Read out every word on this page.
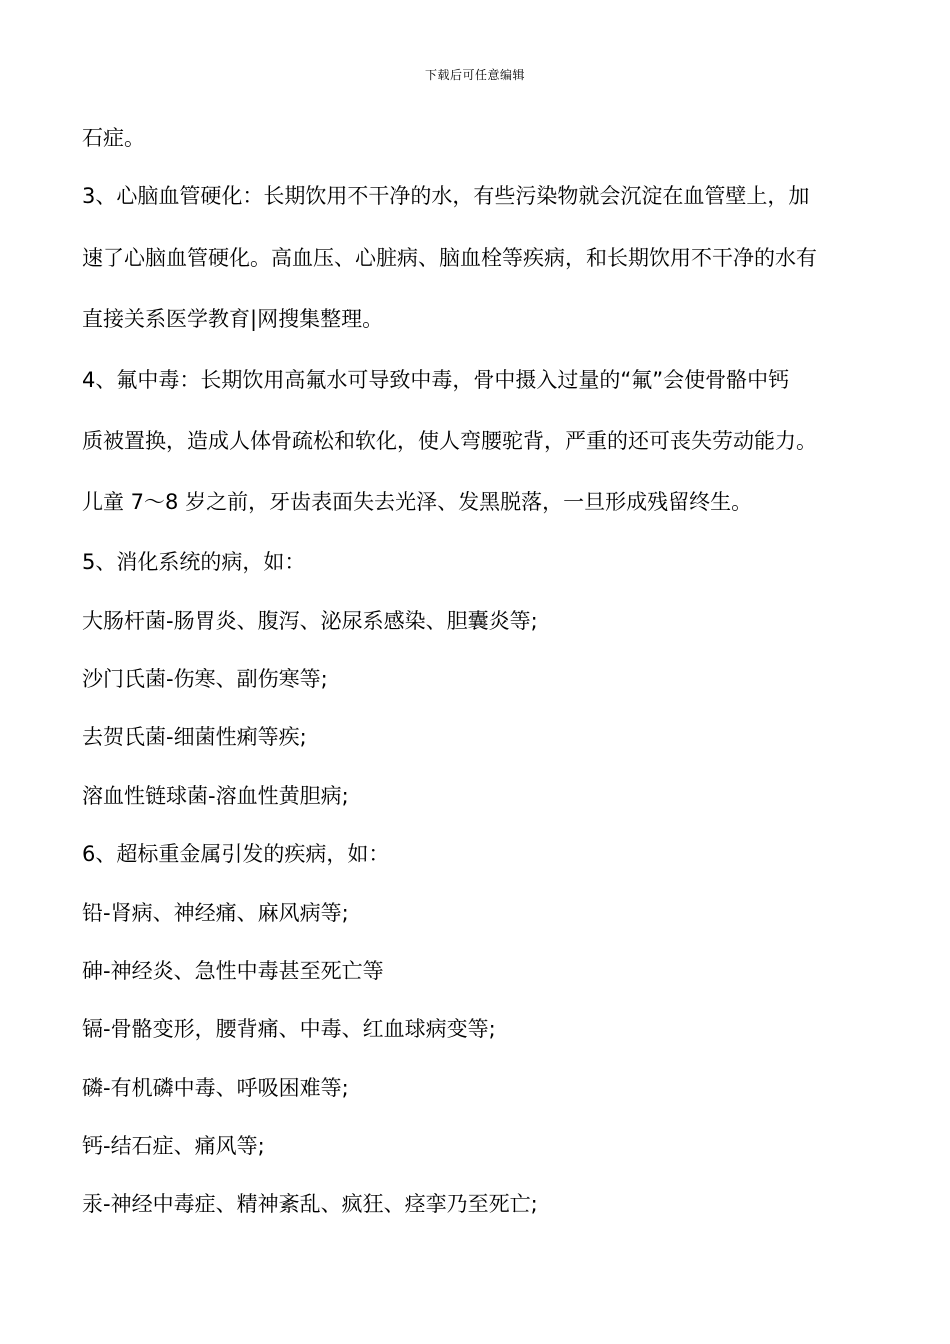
下载后可任意编辑
石症。
3、心脑血管硬化：长期饮用不干净的水，有些污染物就会沉淀在血管壁上，加
速了心脑血管硬化。高血压、心脏病、脑血栓等疾病，和长期饮用不干净的水有
直接关系医学教育|网搜集整理。
4、氟中毒：长期饮用高氟水可导致中毒，骨中摄入过量的“氟”会使骨骼中钙
质被置换，造成人体骨疏松和软化，使人弯腰驼背，严重的还可丧失劳动能力。
儿童 7～8 岁之前，牙齿表面失去光泽、发黑脱落，一旦形成残留终生。
5、消化系统的病，如：
大肠杆菌-肠胃炎、腹泻、泌尿系感染、胆囊炎等;
沙门氏菌-伤寒、副伤寒等;
去贺氏菌-细菌性痢等疾;
溶血性链球菌-溶血性黄胆病;
6、超标重金属引发的疾病，如：
铅-肾病、神经痛、麻风病等;
砷-神经炎、急性中毒甚至死亡等
镉-骨骼变形，腰背痛、中毒、红血球病变等;
磷-有机磷中毒、呼吸困难等;
钙-结石症、痛风等;
汞-神经中毒症、精神紊乱、疯狂、痉挛乃至死亡;
